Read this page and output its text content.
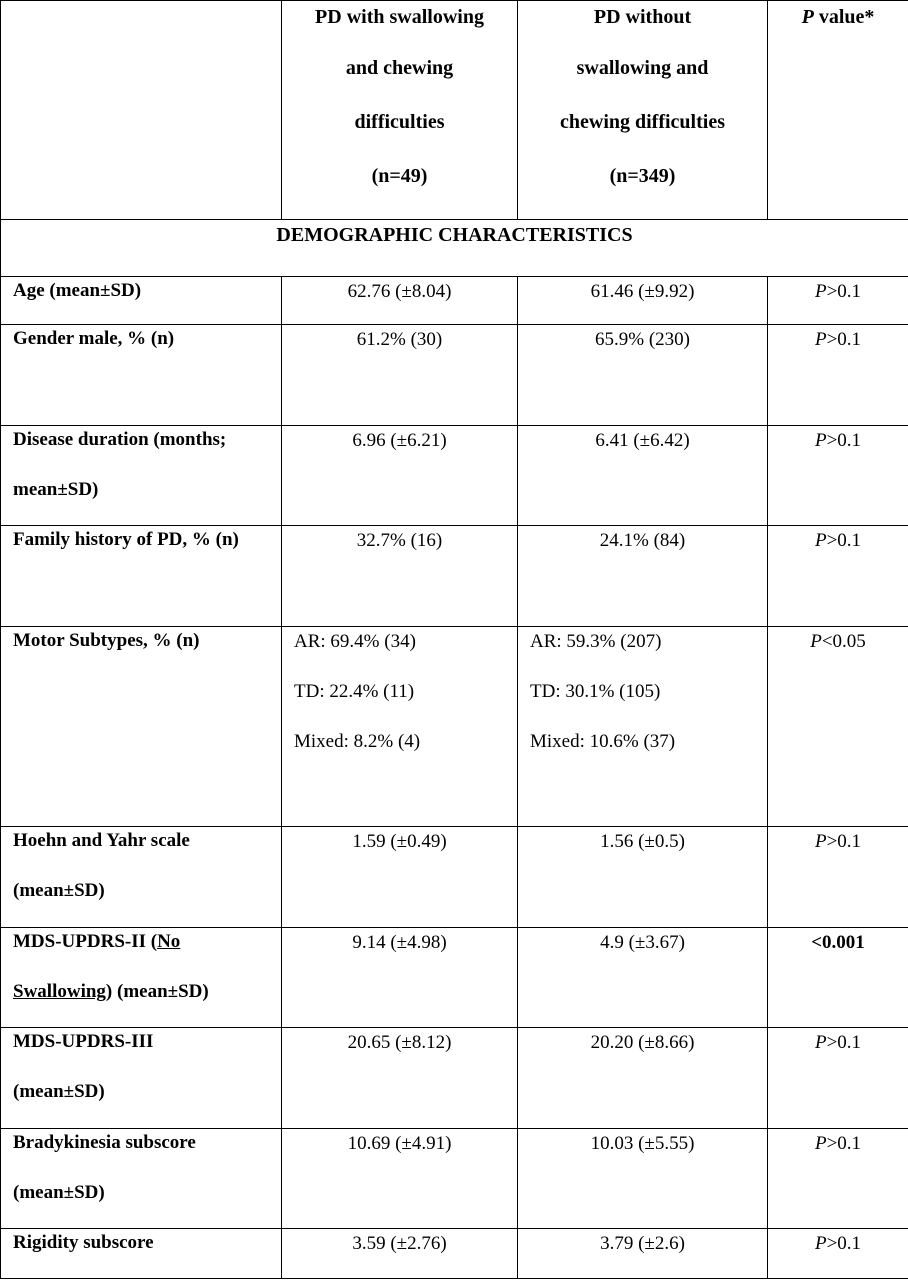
	PD with swallowing
and chewing
difficulties
(n=49)	PD without
swallowing and
chewing difficulties
(n=349)	P value*

DEMOGRAPHIC CHARACTERISTICS			

Age (mean±SD)	62.76 (±8.04)	61.46 (±9.92)	P>0.1

Gender male, % (n)	61.2% (30)	65.9% (230)	P>0.1

Disease duration (months;
mean±SD)	6.96 (±6.21)	6.41 (±6.42)	P>0.1

Family history of PD, % (n)	32.7% (16)	24.1% (84)	P>0.1

Motor Subtypes, % (n)	AR: 69.4% (34)
TD: 22.4% (11)
Mixed: 8.2% (4)	AR: 59.3% (207)
TD: 30.1% (105)
Mixed: 10.6% (37)	P<0.05

Hoehn and Yahr scale
(mean±SD)	1.59 (±0.49)	1.56 (±0.5)	P>0.1

MDS-UPDRS-II (No
Swallowing) (mean±SD)	9.14 (±4.98)	4.9 (±3.67)	<0.001

MDS-UPDRS-III
(mean±SD)	20.65 (±8.12)	20.20 (±8.66)	P>0.1

Bradykinesia subscore
(mean±SD)	10.69 (±4.91)	10.03 (±5.55)	P>0.1

Rigidity subscore	3.59 (±2.76)	3.79 (±2.6)	P>0.1
